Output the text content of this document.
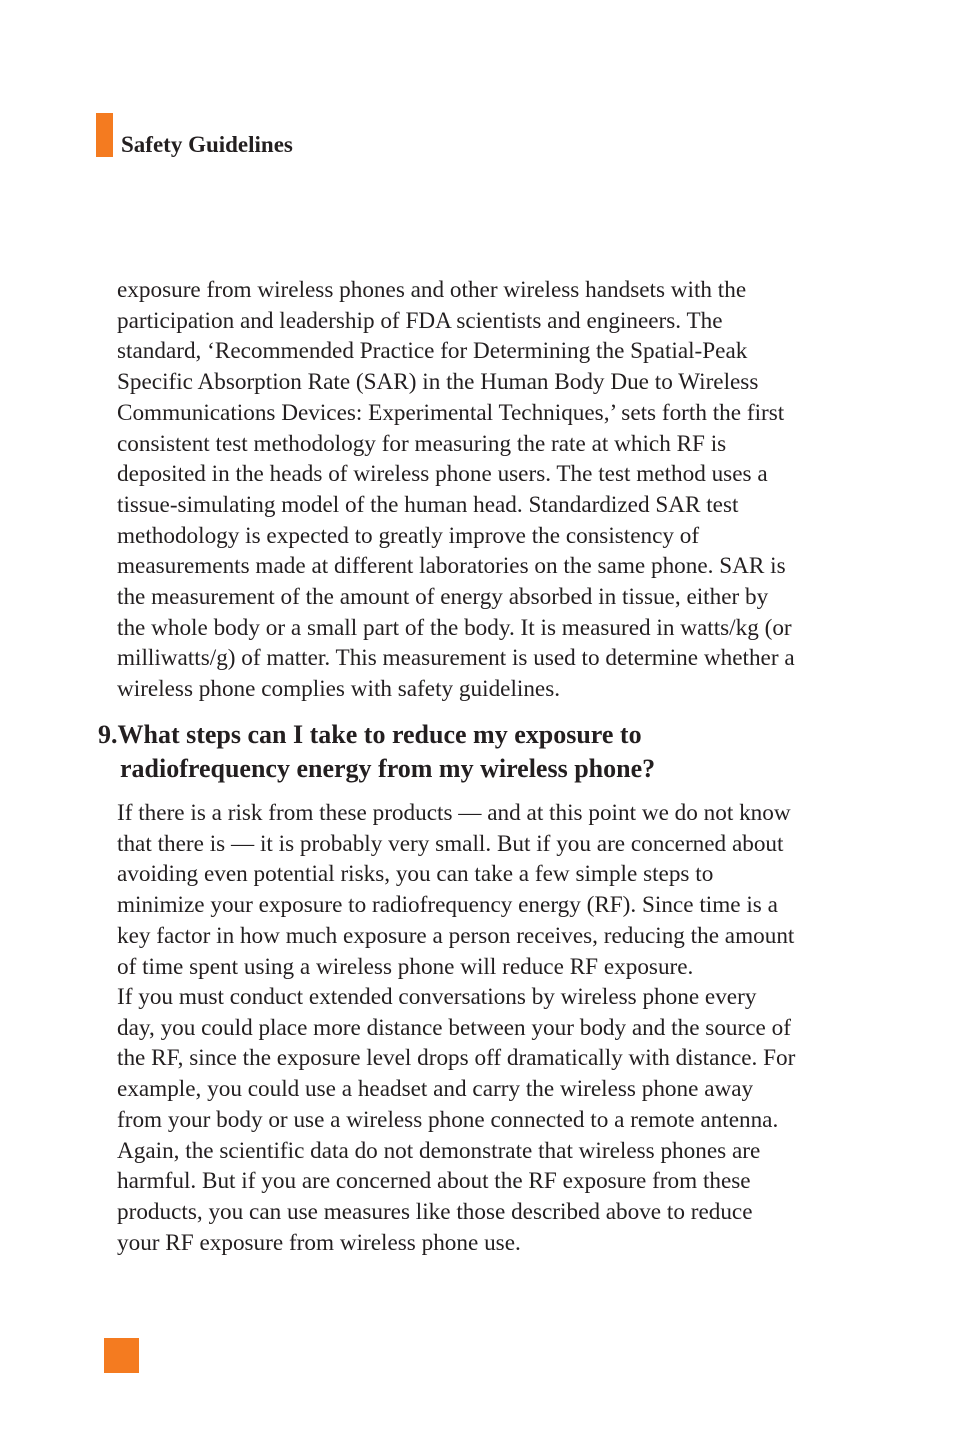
Safety Guidelines

exposure from wireless phones and other wireless handsets with the
participation and leadership of FDA scientists and engineers. The
standard, ‘Recommended Practice for Determining the Spatial-Peak
Specific Absorption Rate (SAR) in the Human Body Due to Wireless
Communications Devices: Experimental Techniques,’ sets forth the first
consistent test methodology for measuring the rate at which RF is
deposited in the heads of wireless phone users. The test method uses a
tissue-simulating model of the human head. Standardized SAR test
methodology is expected to greatly improve the consistency of
measurements made at different laboratories on the same phone. SAR is
the measurement of the amount of energy absorbed in tissue, either by
the whole body or a small part of the body. It is measured in watts/kg (or
milliwatts/g) of matter. This measurement is used to determine whether a
wireless phone complies with safety guidelines.

9.What steps can I take to reduce my exposure to
radiofrequency energy from my wireless phone?

If there is a risk from these products — and at this point we do not know
that there is — it is probably very small. But if you are concerned about
avoiding even potential risks, you can take a few simple steps to
minimize your exposure to radiofrequency energy (RF). Since time is a
key factor in how much exposure a person receives, reducing the amount
of time spent using a wireless phone will reduce RF exposure.

If you must conduct extended conversations by wireless phone every
day, you could place more distance between your body and the source of
the RF, since the exposure level drops off dramatically with distance. For
example, you could use a headset and carry the wireless phone away
from your body or use a wireless phone connected to a remote antenna.
Again, the scientific data do not demonstrate that wireless phones are
harmful. But if you are concerned about the RF exposure from these
products, you can use measures like those described above to reduce
your RF exposure from wireless phone use.
